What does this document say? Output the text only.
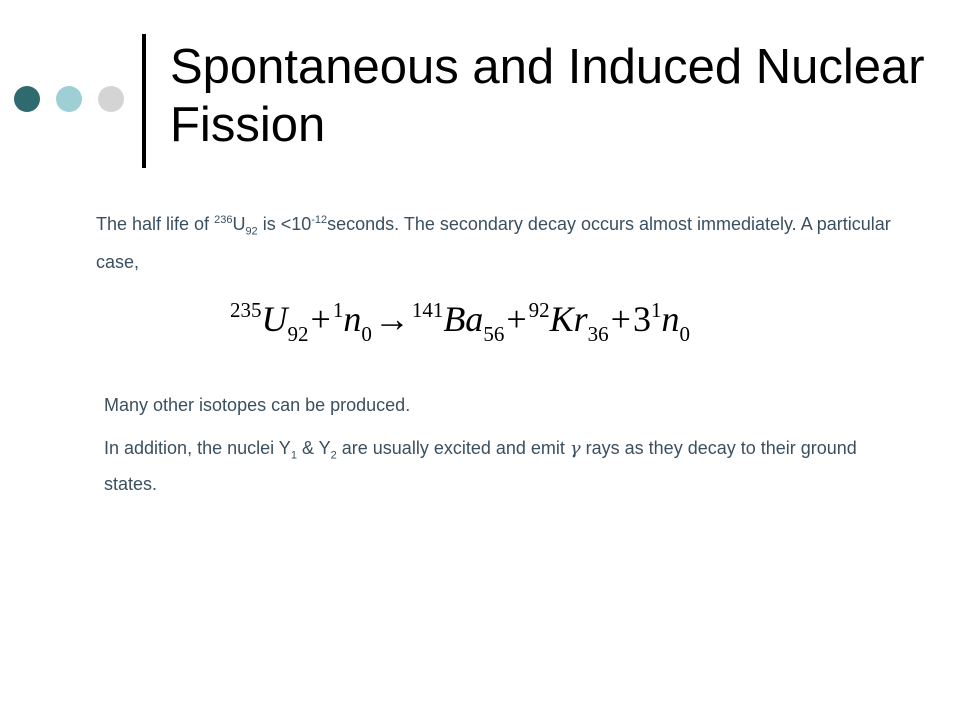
Spontaneous and Induced Nuclear Fission
The half life of $^{236}U_{92}$ is $<10^{-12}seconds$. The secondary decay occurs almost immediately. A particular case,
$^{235}U_{92}+^1n_0\to^{141}Ba_{56}+^{92}Kr_{36}+3^1n_0$
Many other isotopes can be produced.
In addition, the nuclei $Y_1$ & $Y_2$ are usually excited and emit γ rays as they decay to their ground states.
